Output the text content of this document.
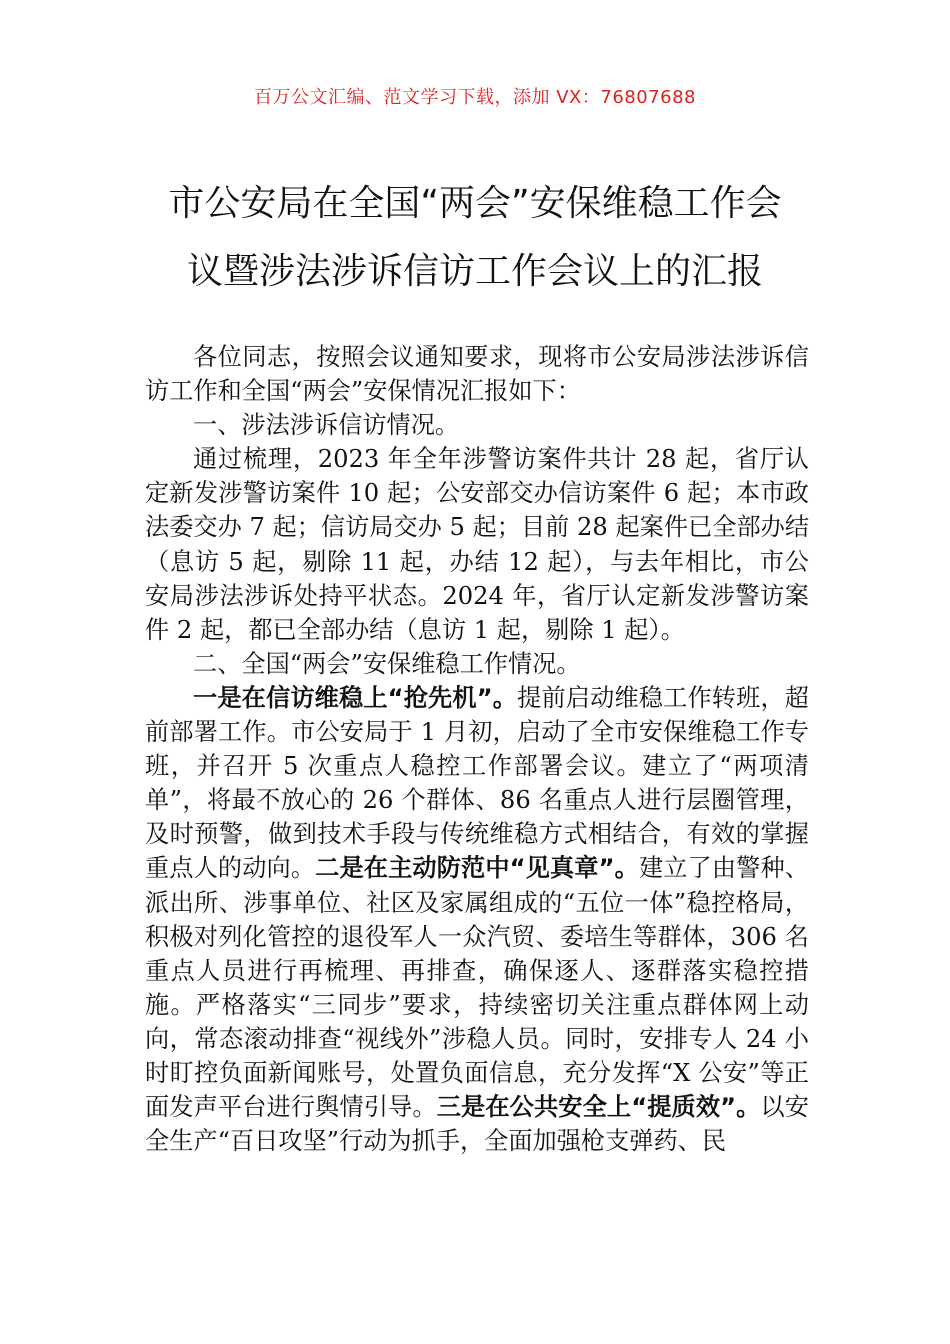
百万公文汇编、范文学习下载，添加 VX：76807688
市公安局在全国“两会”安保维稳工作会
议暨涉法涉诉信访工作会议上的汇报

各位同志，按照会议通知要求，现将市公安局涉法涉诉信访工作和全国“两会”安保情况汇报如下：

一、涉法涉诉信访情况。

通过梳理，2023 年全年涉警访案件共计 28 起，省厅认定新发涉警访案件 10 起；公安部交办信访案件 6 起；本市政法委交办 7 起；信访局交办 5 起；目前 28 起案件已全部办结（息访 5 起，剔除 11 起，办结 12 起），与去年相比，市公安局涉法涉诉处持平状态。2024 年，省厅认定新发涉警访案件 2 起，都已全部办结（息访 1 起，剔除 1 起）。

二、全国“两会”安保维稳工作情况。

一是在信访维稳上“抢先机”。提前启动维稳工作转班，超前部署工作。市公安局于 1 月初，启动了全市安保维稳工作专班，并召开 5 次重点人稳控工作部署会议。建立了“两项清单”，将最不放心的 26 个群体、86 名重点人进行层圈管理，及时预警，做到技术手段与传统维稳方式相结合，有效的掌握重点人的动向。二是在主动防范中“见真章”。建立了由警种、派出所、涉事单位、社区及家属组成的“五位一体”稳控格局，积极对列化管控的退役军人一众汽贸、委培生等群体，306 名重点人员进行再梳理、再排查，确保逐人、逐群落实稳控措施。严格落实“三同步”要求，持续密切关注重点群体网上动向，常态滚动排查“视线外”涉稳人员。同时，安排专人 24 小时盯控负面新闻账号，处置负面信息，充分发挥“X 公安”等正面发声平台进行舆情引导。三是在公共安全上“提质效”。以安全生产“百日攻坚”行动为抓手，全面加强枪支弹药、民
